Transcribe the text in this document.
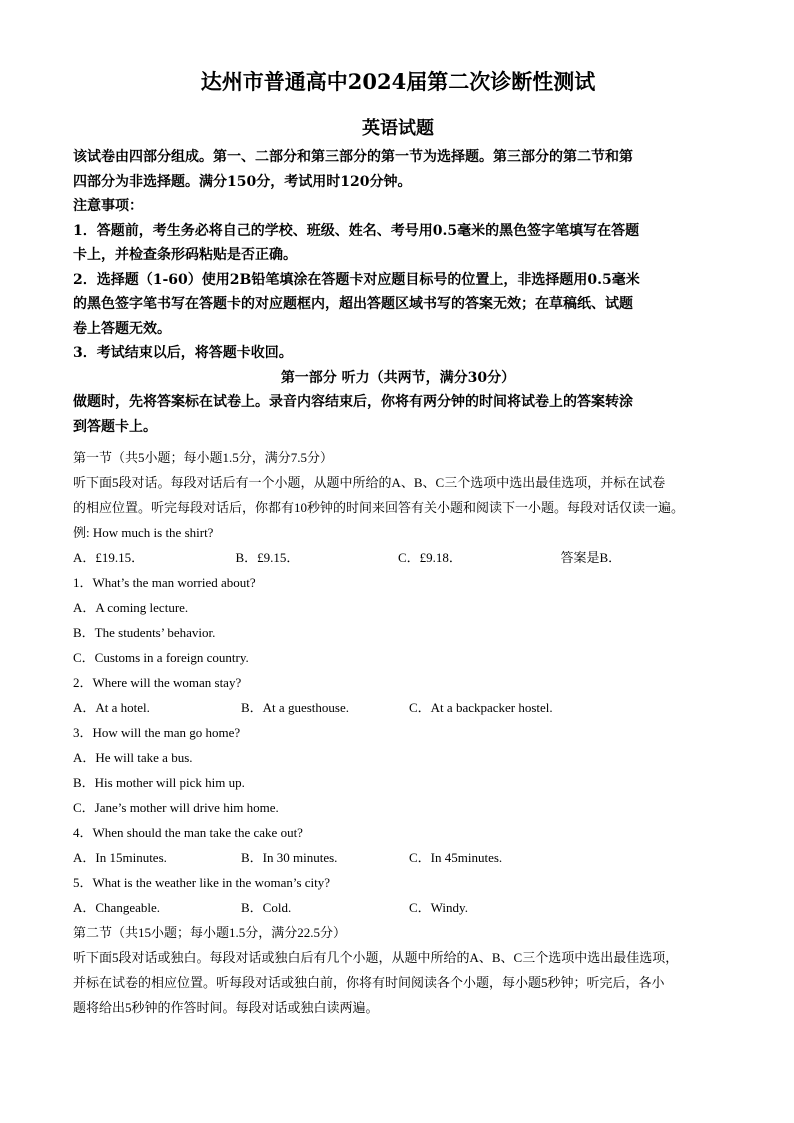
达州市普通高中2024届第二次诊断性测试
英语试题

该试卷由四部分组成。第一、二部分和第三部分的第一节为选择题。第三部分的第二节和第

四部分为非选择题。满分150分，考试用时120分钟。

注意事项：

1．答题前，考生务必将自己的学校、班级、姓名、考号用0.5毫米的黑色签字笔填写在答题

卡上，并检查条形码粘贴是否正确。

2．选择题（1-60）使用2B铅笔填涂在答题卡对应题目标号的位置上，非选择题用0.5毫米

的黑色签字笔书写在答题卡的对应题框内，超出答题区域书写的答案无效；在草稿纸、试题

卷上答题无效。

3．考试结束以后，将答题卡收回。

第一部分 听力（共两节，满分30分）

做题时，先将答案标在试卷上。录音内容结束后，你将有两分钟的时间将试卷上的答案转涂

到答题卡上。

第一节（共5小题；每小题1.5分，满分7.5分）

听下面5段对话。每段对话后有一个小题，从题中所给的A、B、C三个选项中选出最佳选项，并标在试卷

的相应位置。听完每段对话后，你都有10秒钟的时间来回答有关小题和阅读下一小题。每段对话仅读一遍。

例: How much is the shirt?

A．£19.15．	B．£9.15．	C．£9.18．	答案是B．

1．What’s the man worried about?

A．A coming lecture.

B．The students’ behavior.

C．Customs in a foreign country.

2．Where will the woman stay?

A．At a hotel.	B．At a guesthouse.	C．At a backpacker hostel.

3．How will the man go home?

A．He will take a bus.

B．His mother will pick him up.

C．Jane’s mother will drive him home.

4．When should the man take the cake out?

A．In 15minutes.	B．In 30 minutes.	C．In 45minutes.

5．What is the weather like in the woman’s city?

A．Changeable.	B．Cold.	C．Windy.

第二节（共15小题；每小题1.5分，满分22.5分）

听下面5段对话或独白。每段对话或独白后有几个小题，从题中所给的A、B、C三个选项中选出最佳选项，

并标在试卷的相应位置。听每段对话或独白前，你将有时间阅读各个小题，每小题5秒钟；听完后，各小

题将给出5秒钟的作答时间。每段对话或独白读两遍。
